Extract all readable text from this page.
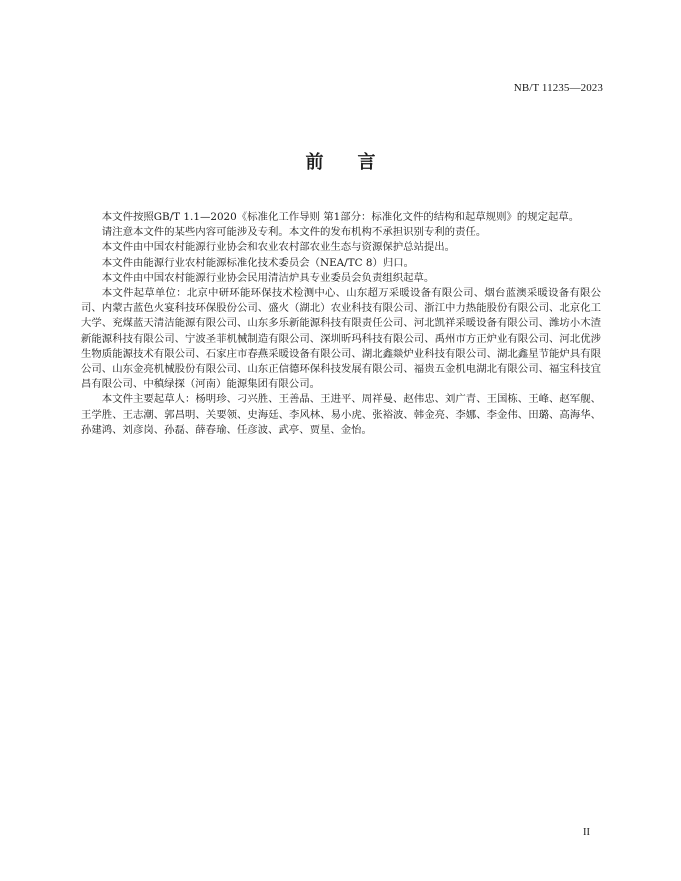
NB/T 11235—2023
前言

本文件按照GB/T 1.1—2020《标准化工作导则 第1部分：标准化文件的结构和起草规则》的规定起草。

请注意本文件的某些内容可能涉及专利。本文件的发布机构不承担识别专利的责任。

本文件由中国农村能源行业协会和农业农村部农业生态与资源保护总站提出。

本文件由能源行业农村能源标准化技术委员会（NEA/TC 8）归口。

本文件由中国农村能源行业协会民用清洁炉具专业委员会负责组织起草。

本文件起草单位：北京中研环能环保技术检测中心、山东超万采暖设备有限公司、烟台蓝澳采暖设备有限公司、内蒙古蓝色火宴科技环保股份公司、盛火（湖北）农业科技有限公司、浙江中力热能股份有限公司、北京化工大学、兖煤蓝天清洁能源有限公司、山东多乐新能源科技有限责任公司、河北凯祥采暖设备有限公司、潍坊小木渣新能源科技有限公司、宁波圣菲机械制造有限公司、深圳昕玛科技有限公司、禹州市方正炉业有限公司、河北优涉生物质能源技术有限公司、石家庄市春燕采暖设备有限公司、湖北鑫燚炉业科技有限公司、湖北鑫星节能炉具有限公司、山东金亮机械股份有限公司、山东正信德环保科技发展有限公司、福贵五金机电湖北有限公司、福宝科技宜昌有限公司、中稹绿探（河南）能源集团有限公司。

本文件主要起草人：杨明珍、刁兴胜、王善晶、王进平、周祥曼、赵伟忠、刘广青、王国栋、王峰、赵军舰、王学胜、王志潮、郭昌明、关要领、史海廷、李风林、易小虎、张裕波、韩金亮、李娜、李金伟、田璐、高海华、孙建鸿、刘彦岗、孙磊、薛春瑜、任彦波、武亭、贾星、金怡。

II
